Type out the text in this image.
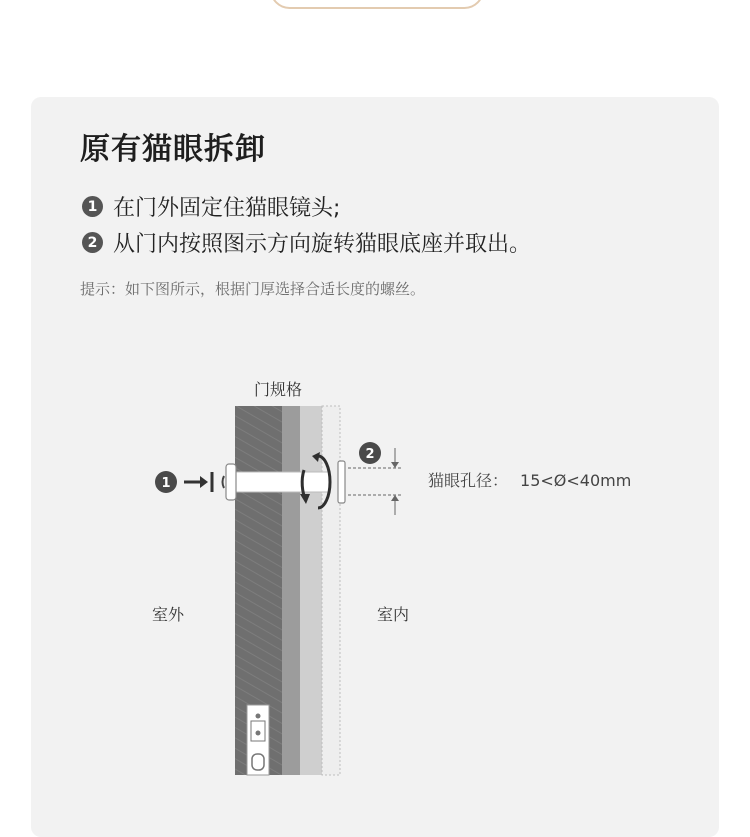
原有猫眼拆卸
1 在门外固定住猫眼镜头;
2 从门内按照图示方向旋转猫眼底座并取出。
提示：如下图所示，根据门厚选择合适长度的螺丝。
门规格
室外	室内
猫眼孔径： 15<Ø<40mm
1
2
